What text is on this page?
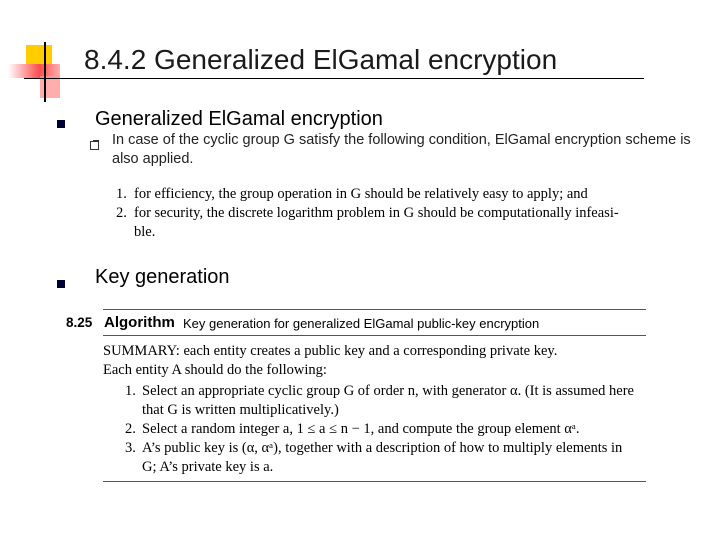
8.4.2 Generalized ElGamal encryption
Generalized ElGamal encryption
In case of the cyclic group G satisfy the following condition, ElGamal encryption scheme is also applied.
1. for efficiency, the group operation in G should be relatively easy to apply; and
2. for security, the discrete logarithm problem in G should be computationally infeasi-
ble.
Key generation
8.25 Algorithm Key generation for generalized ElGamal public-key encryption
SUMMARY: each entity creates a public key and a corresponding private key.
Each entity A should do the following:
1. Select an appropriate cyclic group G of order n, with generator α. (It is assumed here
that G is written multiplicatively.)
2. Select a random integer a, 1 ≤ a ≤ n − 1, and compute the group element αᵃ.
3. A’s public key is (α, αᵃ), together with a description of how to multiply elements in
G; A’s private key is a.
